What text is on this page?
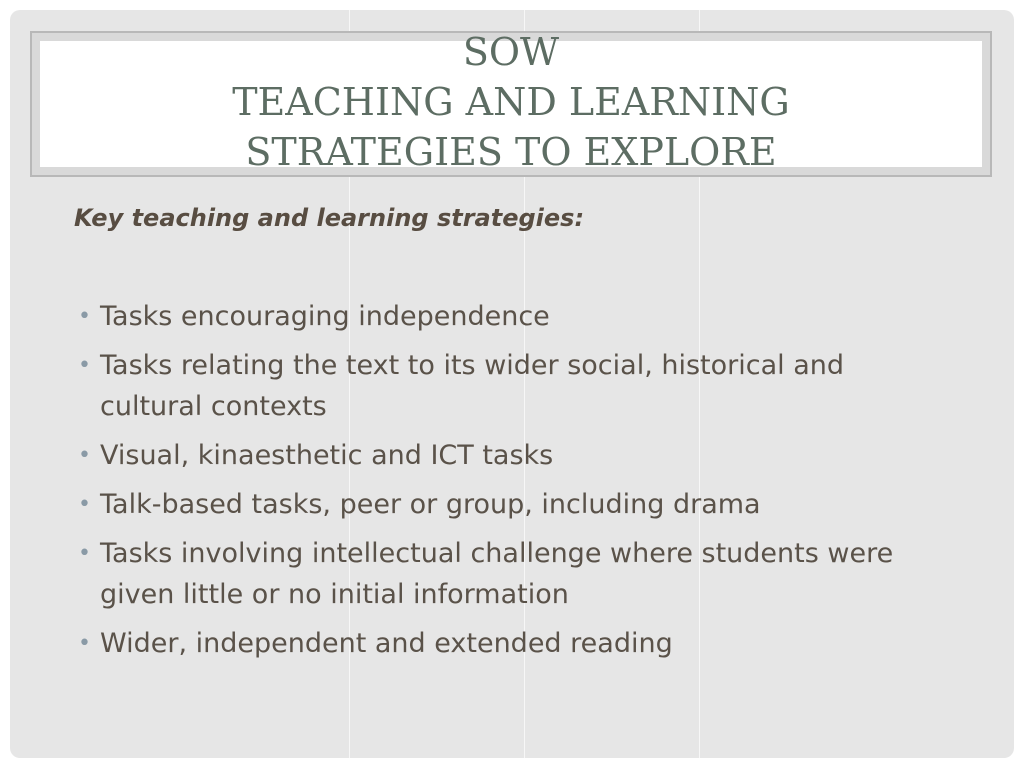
SOW
TEACHING AND LEARNING
STRATEGIES TO EXPLORE

Key teaching and learning strategies:

• Tasks encouraging independence
• Tasks relating the text to its wider social, historical and cultural contexts
• Visual, kinaesthetic and ICT tasks
• Talk-based tasks, peer or group, including drama
• Tasks involving intellectual challenge where students were given little or no initial information
• Wider, independent and extended reading
